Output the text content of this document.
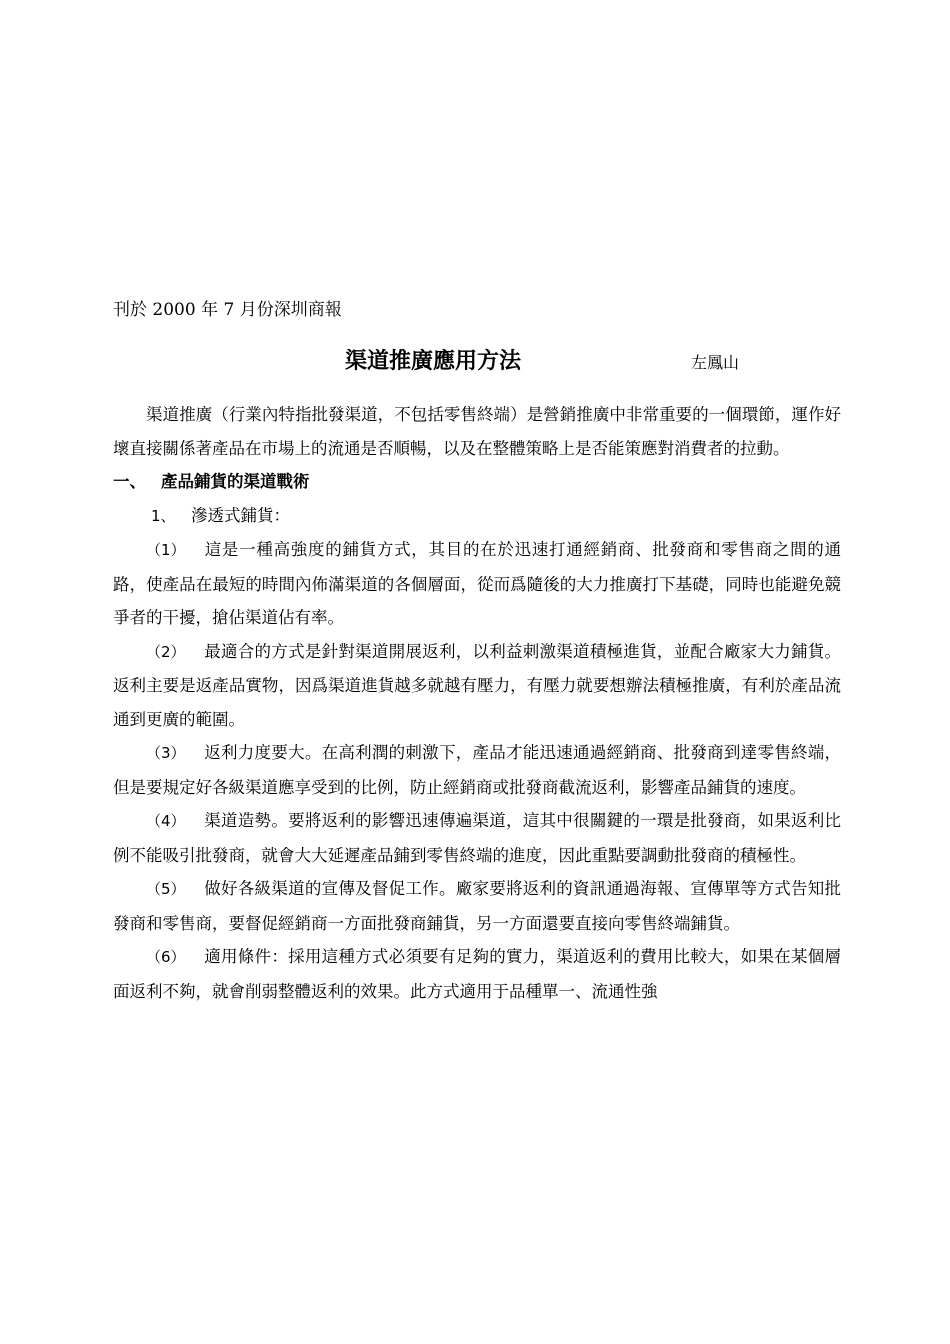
刊於 2000 年 7 月份深圳商報
渠道推廣應用方法	左鳳山

渠道推廣（行業內特指批發渠道，不包括零售終端）是營銷推廣中非常重要的一個環節，運作好壞直接關係著產品在市場上的流通是否順暢，以及在整體策略上是否能策應對消費者的拉動。

一、 產品鋪貨的渠道戰術

1、 滲透式鋪貨：

（1） 這是一種高強度的鋪貨方式，其目的在於迅速打通經銷商、批發商和零售商之間的通路，使產品在最短的時間內佈滿渠道的各個層面，從而爲隨後的大力推廣打下基礎，同時也能避免競爭者的干擾，搶佔渠道佔有率。

（2） 最適合的方式是針對渠道開展返利，以利益刺激渠道積極進貨，並配合廠家大力鋪貨。返利主要是返產品實物，因爲渠道進貨越多就越有壓力，有壓力就要想辦法積極推廣，有利於產品流通到更廣的範圍。

（3） 返利力度要大。在高利潤的刺激下，產品才能迅速通過經銷商、批發商到達零售終端，但是要規定好各級渠道應享受到的比例，防止經銷商或批發商截流返利，影響產品鋪貨的速度。

（4） 渠道造勢。要將返利的影響迅速傳遍渠道，這其中很關鍵的一環是批發商，如果返利比例不能吸引批發商，就會大大延遲產品鋪到零售終端的進度，因此重點要調動批發商的積極性。

（5） 做好各級渠道的宣傳及督促工作。廠家要將返利的資訊通過海報、宣傳單等方式告知批發商和零售商，要督促經銷商一方面批發商鋪貨，另一方面還要直接向零售終端鋪貨。

（6） 適用條件：採用這種方式必須要有足夠的實力，渠道返利的費用比較大，如果在某個層面返利不夠，就會削弱整體返利的效果。此方式適用于品種單一、流通性強
